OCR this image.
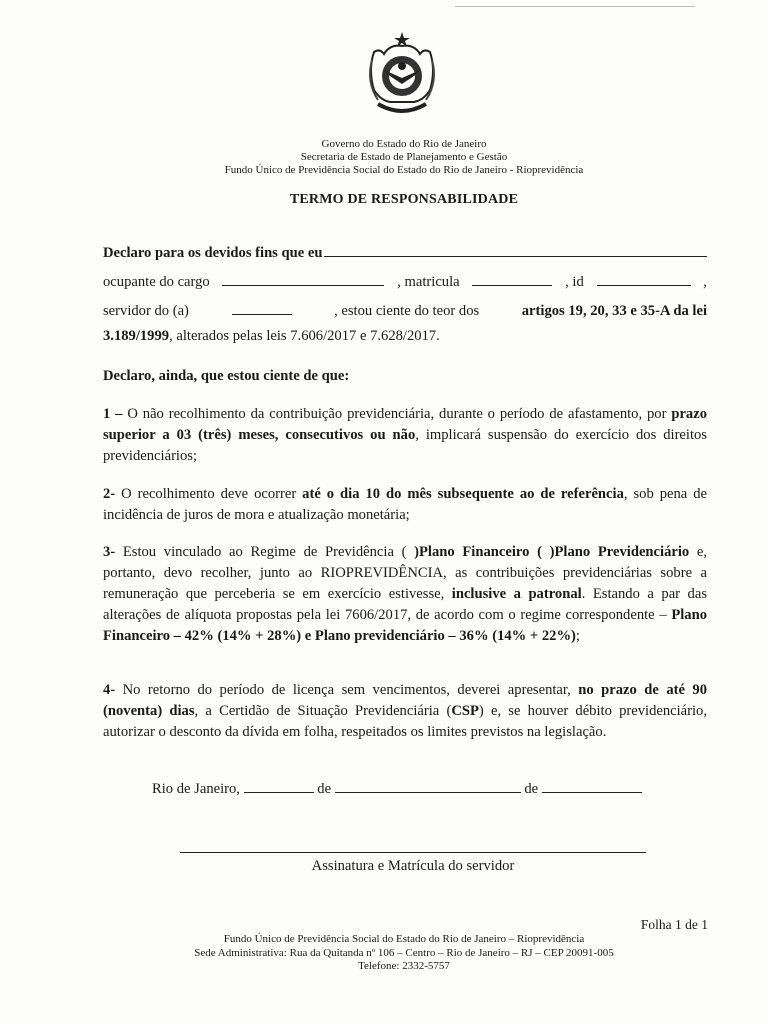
Governo do Estado do Rio de Janeiro
Secretaria de Estado de Planejamento e Gestão
Fundo Único de Previdência Social do Estado do Rio de Janeiro - Rioprevidência
TERMO DE RESPONSABILIDADE
Declaro para os devidos fins que eu
ocupante do cargo	, matricula	, id	,
servidor do (a)	, estou ciente do teor dos	artigos 19, 20, 33 e 35-A da lei
3.189/1999, alterados pelas leis 7.606/2017 e 7.628/2017.
Declaro, ainda, que estou ciente de que:
1 – O não recolhimento da contribuição previdenciária, durante o período de afastamento, por prazo superior a 03 (três) meses, consecutivos ou não, implicará suspensão do exercício dos direitos previdenciários;
2- O recolhimento deve ocorrer até o dia 10 do mês subsequente ao de referência, sob pena de incidência de juros de mora e atualização monetária;
3- Estou vinculado ao Regime de Previdência ( )Plano Financeiro ( )Plano Previdenciário e, portanto, devo recolher, junto ao RIOPREVIDÊNCIA, as contribuições previdenciárias sobre a remuneração que perceberia se em exercício estivesse, inclusive a patronal. Estando a par das alterações de alíquota propostas pela lei 7606/2017, de acordo com o regime correspondente – Plano Financeiro – 42% (14% + 28%) e Plano previdenciário – 36% (14% + 22%);
4- No retorno do período de licença sem vencimentos, deverei apresentar, no prazo de até 90 (noventa) dias, a Certidão de Situação Previdenciária (CSP) e, se houver débito previdenciário, autorizar o desconto da dívida em folha, respeitados os limites previstos na legislação.
Rio de Janeiro,	de	de
Assinatura e Matrícula do servidor
Folha 1 de 1
Fundo Único de Previdência Social do Estado do Rio de Janeiro – Rioprevidência
Sede Administrativa: Rua da Quitanda nº 106 – Centro – Rio de Janeiro – RJ – CEP 20091-005
Telefone: 2332-5757
